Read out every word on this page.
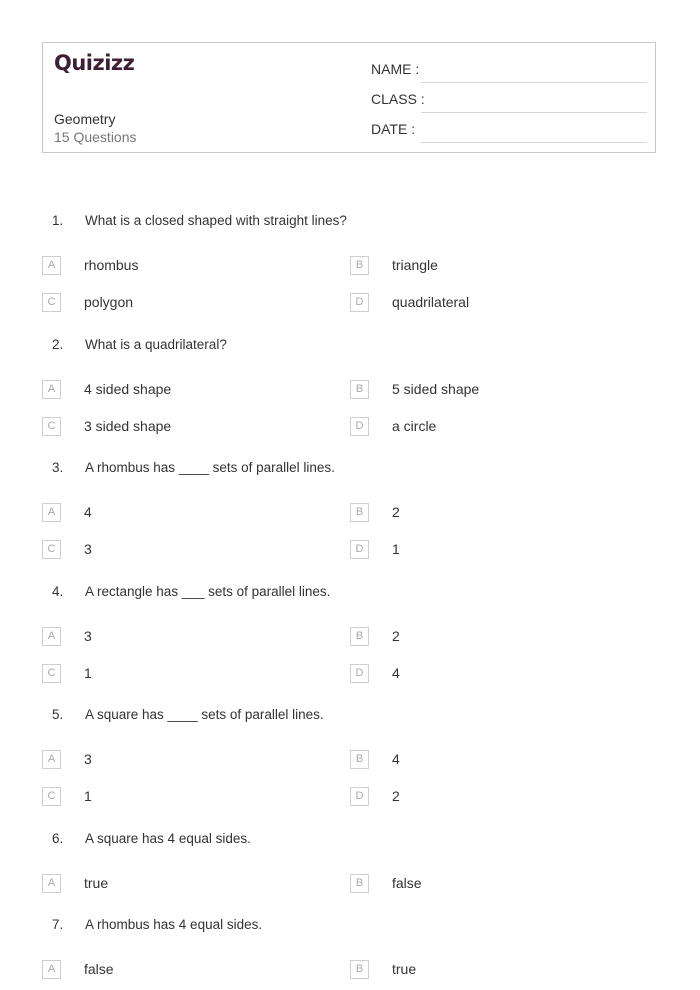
Quizizz
Geometry
15 Questions
NAME :
CLASS :
DATE :
1. What is a closed shaped with straight lines?
A	rhombus	B	triangle
C	polygon	D	quadrilateral
2. What is a quadrilateral?
A	4 sided shape	B	5 sided shape
C	3 sided shape	D	a circle
3. A rhombus has ____ sets of parallel lines.
A	4	B	2
C	3	D	1
4. A rectangle has ___ sets of parallel lines.
A	3	B	2
C	1	D	4
5. A square has ____ sets of parallel lines.
A	3	B	4
C	1	D	2
6. A square has 4 equal sides.
A	true	B	false
7. A rhombus has 4 equal sides.
A	false	B	true
